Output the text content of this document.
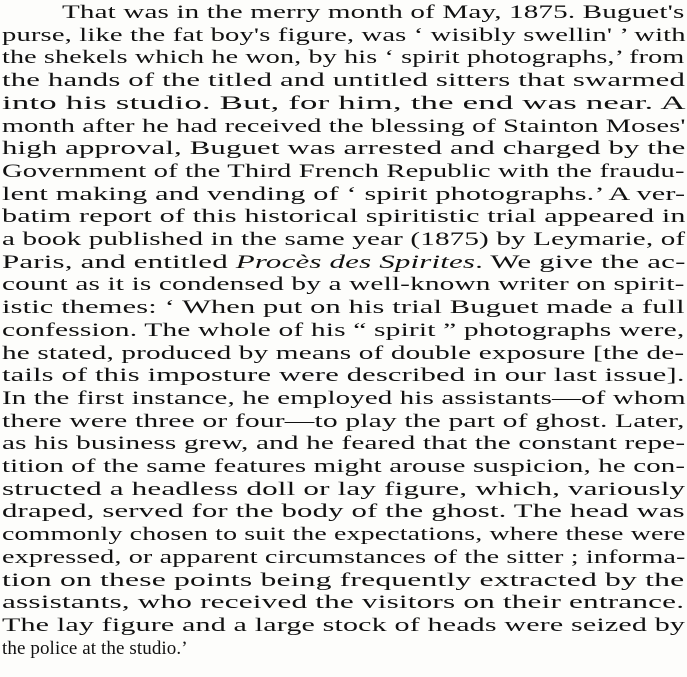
That was in the merry month of May, 1875. Buguet's
purse, like the fat boy's figure, was ‘ wisibly swellin' ’ with
the shekels which he won, by his ‘ spirit photographs,’ from
the hands of the titled and untitled sitters that swarmed
into his studio. But, for him, the end was near. A
month after he had received the blessing of Stainton Moses'
high approval, Buguet was arrested and charged by the
Government of the Third French Republic with the fraudu-
lent making and vending of ‘ spirit photographs.’ A ver-
batim report of this historical spiritistic trial appeared in
a book published in the same year (1875) by Leymarie, of
Paris, and entitled Procès des Spirites. We give the ac-
count as it is condensed by a well-known writer on spirit-
istic themes: ‘ When put on his trial Buguet made a full
confession. The whole of his “ spirit ” photographs were,
he stated, produced by means of double exposure [the de-
tails of this imposture were described in our last issue].
In the first instance, he employed his assistants—of whom
there were three or four—to play the part of ghost. Later,
as his business grew, and he feared that the constant repe-
tition of the same features might arouse suspicion, he con-
structed a headless doll or lay figure, which, variously
draped, served for the body of the ghost. The head was
commonly chosen to suit the expectations, where these were
expressed, or apparent circumstances of the sitter ; informa-
tion on these points being frequently extracted by the
assistants, who received the visitors on their entrance.
The lay figure and a large stock of heads were seized by
the police at the studio.’
